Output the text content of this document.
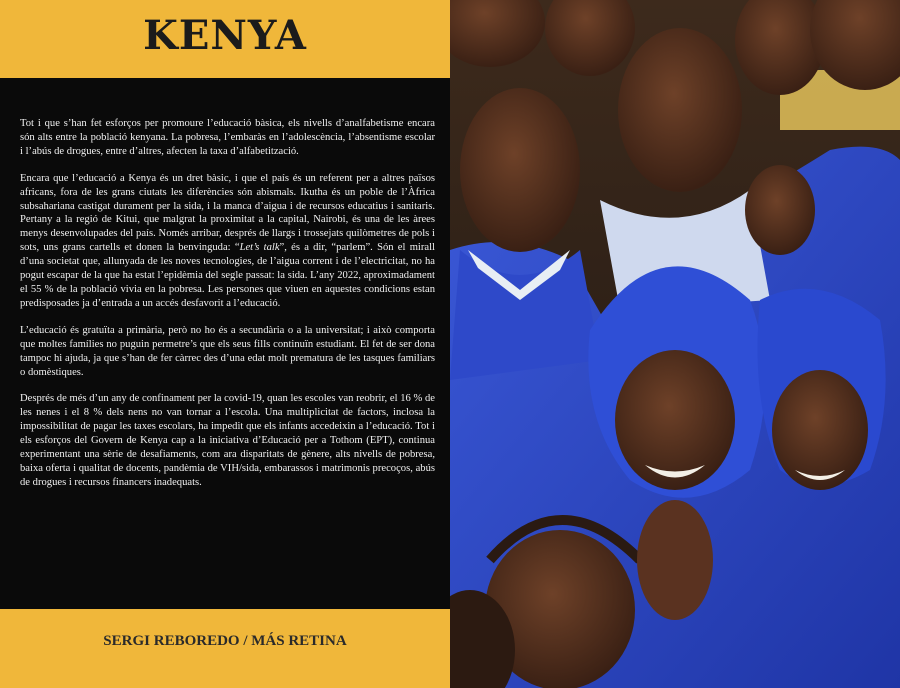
KENYA

Tot i que s’han fet esforços per promoure l’educació bàsica, els nivells d’analfabetisme encara són alts entre la població kenyana. La pobresa, l’embaràs en l’adolescència, l’absentisme escolar i l’abús de drogues, entre d’altres, afecten la taxa d’alfabetització.

Encara que l’educació a Kenya és un dret bàsic, i que el país és un referent per a altres països africans, fora de les grans ciutats les diferències són abismals. Ikutha és un poble de l’Àfrica subsahariana castigat durament per la sida, i la manca d’aigua i de recursos educatius i sanitaris. Pertany a la regió de Kitui, que malgrat la proximitat a la capital, Nairobi, és una de les àrees menys desenvolupades del país. Només arribar, després de llargs i trossejats quilòmetres de pols i sots, uns grans cartells et donen la benvinguda: “Let’s talk”, és a dir, “parlem”. Són el mirall d’una societat que, allunyada de les noves tecnologies, de l’aigua corrent i de l’electricitat, no ha pogut escapar de la que ha estat l’epidèmia del segle passat: la sida. L’any 2022, aproximadament el 55 % de la població vivia en la pobresa. Les persones que viuen en aquestes condicions estan predisposades ja d’entrada a un accés desfavorit a l’educació.

L’educació és gratuïta a primària, però no ho és a secundària o a la universitat; i això comporta que moltes famílies no puguin permetre’s que els seus fills continuïn estudiant. El fet de ser dona tampoc hi ajuda, ja que s’han de fer càrrec des d’una edat molt prematura de les tasques familiars o domèstiques.

Després de més d’un any de confinament per la covid-19, quan les escoles van reobrir, el 16 % de les nenes i el 8 % dels nens no van tornar a l’escola. Una multiplicitat de factors, inclosa la impossibilitat de pagar les taxes escolars, ha impedit que els infants accedeixin a l’educació. Tot i els esforços del Govern de Kenya cap a la iniciativa d’Educació per a Tothom (EPT), continua experimentant una sèrie de desafiaments, com ara disparitats de gènere, alts nivells de pobresa, baixa oferta i qualitat de docents, pandèmia de VIH/sida, embarassos i matrimonis precoços, abús de drogues i recursos financers inadequats.

SERGI REBOREDO / MÁS RETINA
